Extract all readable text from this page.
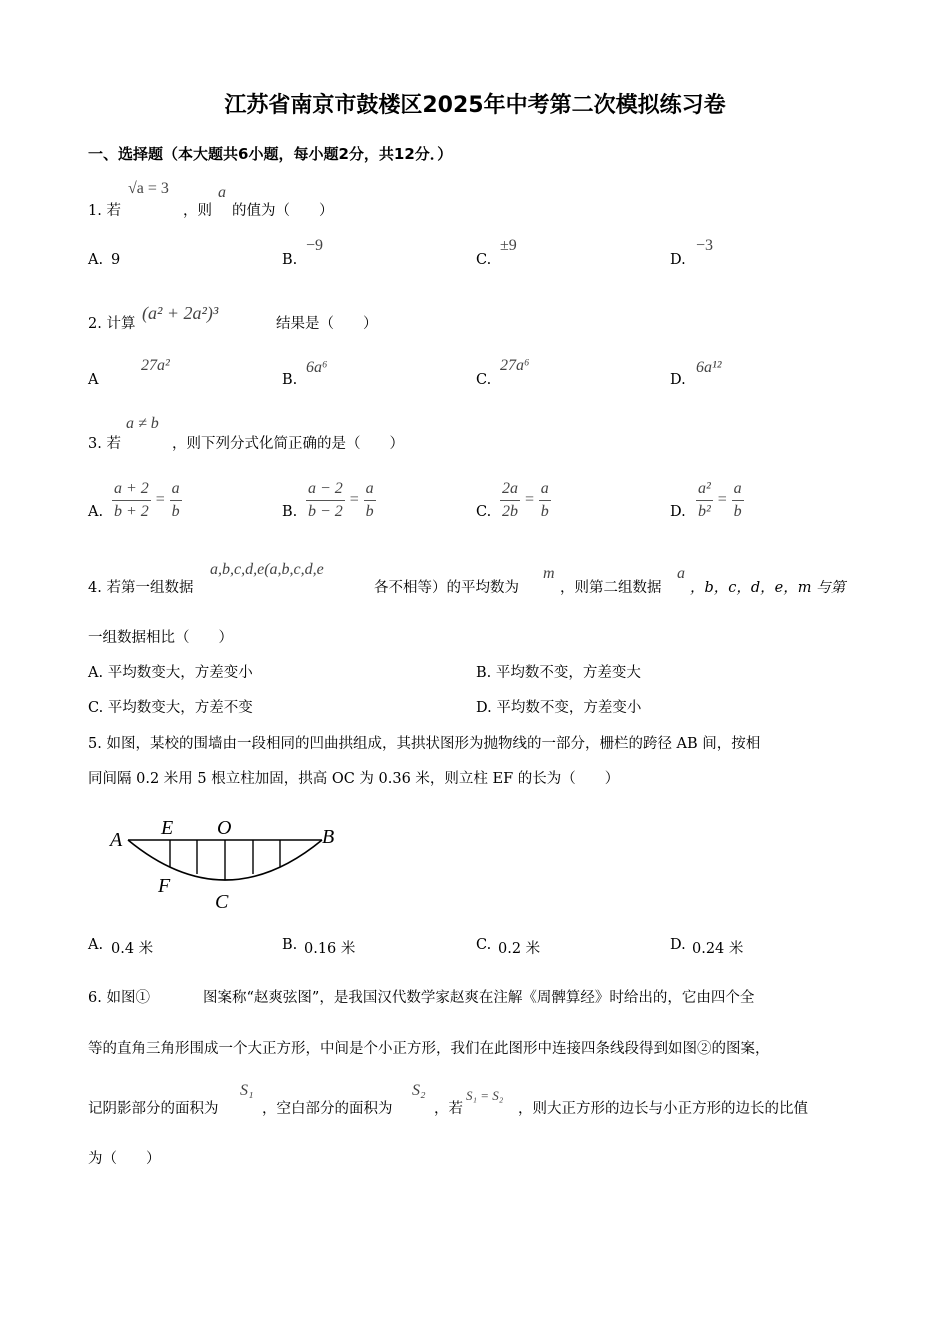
江苏省南京市鼓楼区2025年中考第二次模拟练习卷
一、选择题（本大题共6小题，每小题2分，共12分．）
1. 若
√a = 3
，则
a
的值为（　　）
A. 9	B.
−9
C.
±9
D.
−3
2. 计算
(a² + 2a²)³
结果是（　　）
A
27a²
B.
6a⁶
C.
27a⁶
D.
6a¹²
3. 若
a ≠ b
，则下列分式化简正确的是（　　）
A. $\frac{a + 2}{b + 2} = \frac{a}{b}$	B. $\frac{a - 2}{b - 2} = \frac{a}{b}$	C. $\frac{2a}{2b} = \frac{a}{b}$	D. $\frac{\text{a²}}{\text{b²}} = \frac{a}{b}$
4. 若第一组数据
a,b,c,d,e(a,b,c,d,e
各不相等）的平均数为
m
，则第二组数据
a
，b，c，d，e，m 与第
一组数据相比（　　）
A. 平均数变大，方差变小	B. 平均数不变，方差变大
C. 平均数变大，方差不变	D. 平均数不变，方差变小
5. 如图，某校的围墙由一段相同的凹曲拱组成，其拱状图形为抛物线的一部分，栅栏的跨径 AB 间，按相
同间隔 0.2 米用 5 根立柱加固，拱高 OC 为 0.36 米，则立柱 EF 的长为（　　）
A
E O	B
F
C
A. 0.4 米	B. 0.16 米	C. 0.2 米	D. 0.24 米
6. 如图①	图案称“赵爽弦图”，是我国汉代数学家赵爽在注解《周髀算经》时给出的，它由四个全
等的直角三角形围成一个大正方形，中间是个小正方形，我们在此图形中连接四条线段得到如图②的图案，
记阴影部分的面积为
S₁
，空白部分的面积为
S₂
，若
S₁ = S₂
，则大正方形的边长与小正方形的边长的比值
为（　　）
